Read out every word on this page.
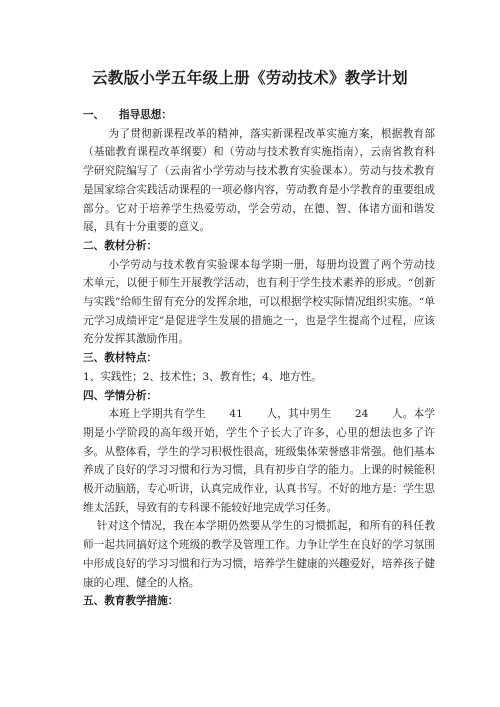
云教版小学五年级上册《劳动技术》教学计划
一、 指导思想：

为了贯彻新课程改革的精神，落实新课程改革实施方案，根据教育部（基础教育课程改革纲要）和（劳动与技术教育实施指南），云南省教育科学研究院编写了（云南省小学劳动与技术教育实验课本）。劳动与技术教育是国家综合实践活动课程的一项必修内容，劳动教育是小学教育的重要组成部分。它对于培养学生热爱劳动，学会劳动，在德、智、体诸方面和谐发展，具有十分重要的意义。

二、教材分析：

小学劳动与技术教育实验课本每学期一册，每册均设置了两个劳动技术单元，以便于师生开展教学活动，也有利于学生技术素养的形成。“创新与实践”给师生留有充分的发挥余地，可以根据学校实际情况组织实施。“单元学习成绩评定”是促进学生发展的措施之一，也是学生提高个过程，应该充分发挥其激励作用。

三、教材特点：

1、实践性；2、技术性；3、教育性；4、地方性。

四、学情分析：

本班上学期共有学生 41 人，其中男生 24 人。本学期是小学阶段的高年级开始，学生个子长大了许多，心里的想法也多了许多。从整体看，学生的学习积极性很高，班级集体荣誉感非常强。他们基本养成了良好的学习习惯和行为习惯，具有初步自学的能力。上课的时候能积极开动脑筋，专心听讲，认真完成作业，认真书写。不好的地方是：学生思维太活跃，导致有的专科课不能较好地完成学习任务。

针对这个情况，我在本学期仍然要从学生的习惯抓起，和所有的科任教师一起共同搞好这个班级的教学及管理工作。力争让学生在良好的学习氛围中形成良好的学习习惯和行为习惯，培养学生健康的兴趣爱好，培养孩子健康的心理、健全的人格。

五、教育教学措施：
